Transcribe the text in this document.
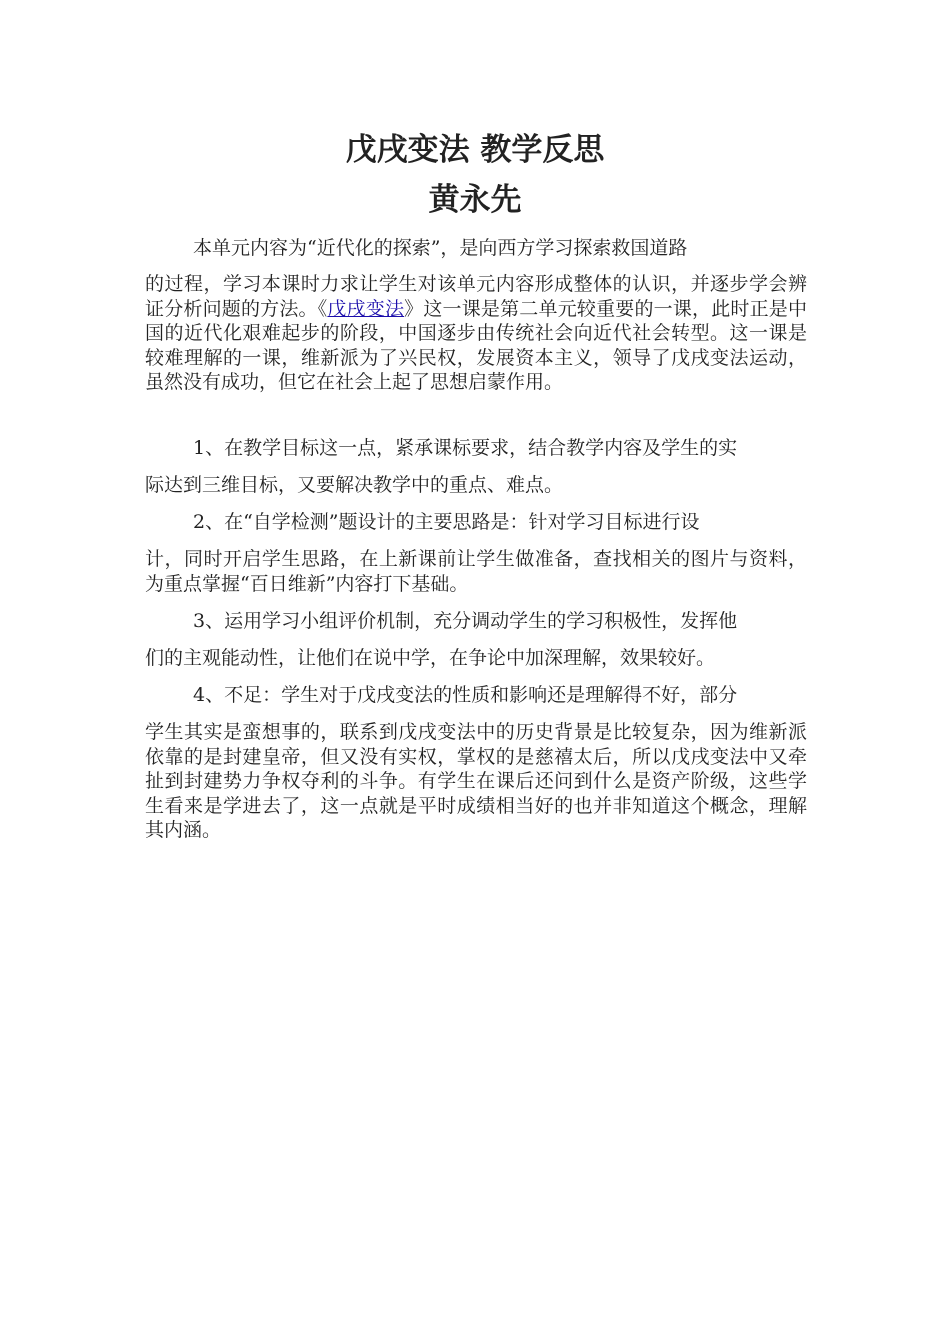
戊戌变法 教学反思
黄永先

本单元内容为“近代化的探索”，是向西方学习探索救国道路

的过程，学习本课时力求让学生对该单元内容形成整体的认识，并逐步学会辨证分析问题的方法。《戊戌变法》这一课是第二单元较重要的一课，此时正是中国的近代化艰难起步的阶段，中国逐步由传统社会向近代社会转型。这一课是较难理解的一课，维新派为了兴民权，发展资本主义，领导了戊戌变法运动，虽然没有成功，但它在社会上起了思想启蒙作用。

1、在教学目标这一点，紧承课标要求，结合教学内容及学生的实

际达到三维目标，又要解决教学中的重点、难点。

2、在“自学检测”题设计的主要思路是：针对学习目标进行设

计，同时开启学生思路，在上新课前让学生做准备，查找相关的图片与资料，为重点掌握“百日维新”内容打下基础。

3、运用学习小组评价机制，充分调动学生的学习积极性，发挥他

们的主观能动性，让他们在说中学，在争论中加深理解，效果较好。

4、不足：学生对于戊戌变法的性质和影响还是理解得不好，部分

学生其实是蛮想事的，联系到戊戌变法中的历史背景是比较复杂，因为维新派依靠的是封建皇帝，但又没有实权，掌权的是慈禧太后，所以戊戌变法中又牵扯到封建势力争权夺利的斗争。有学生在课后还问到什么是资产阶级，这些学生看来是学进去了，这一点就是平时成绩相当好的也并非知道这个概念，理解其内涵。
